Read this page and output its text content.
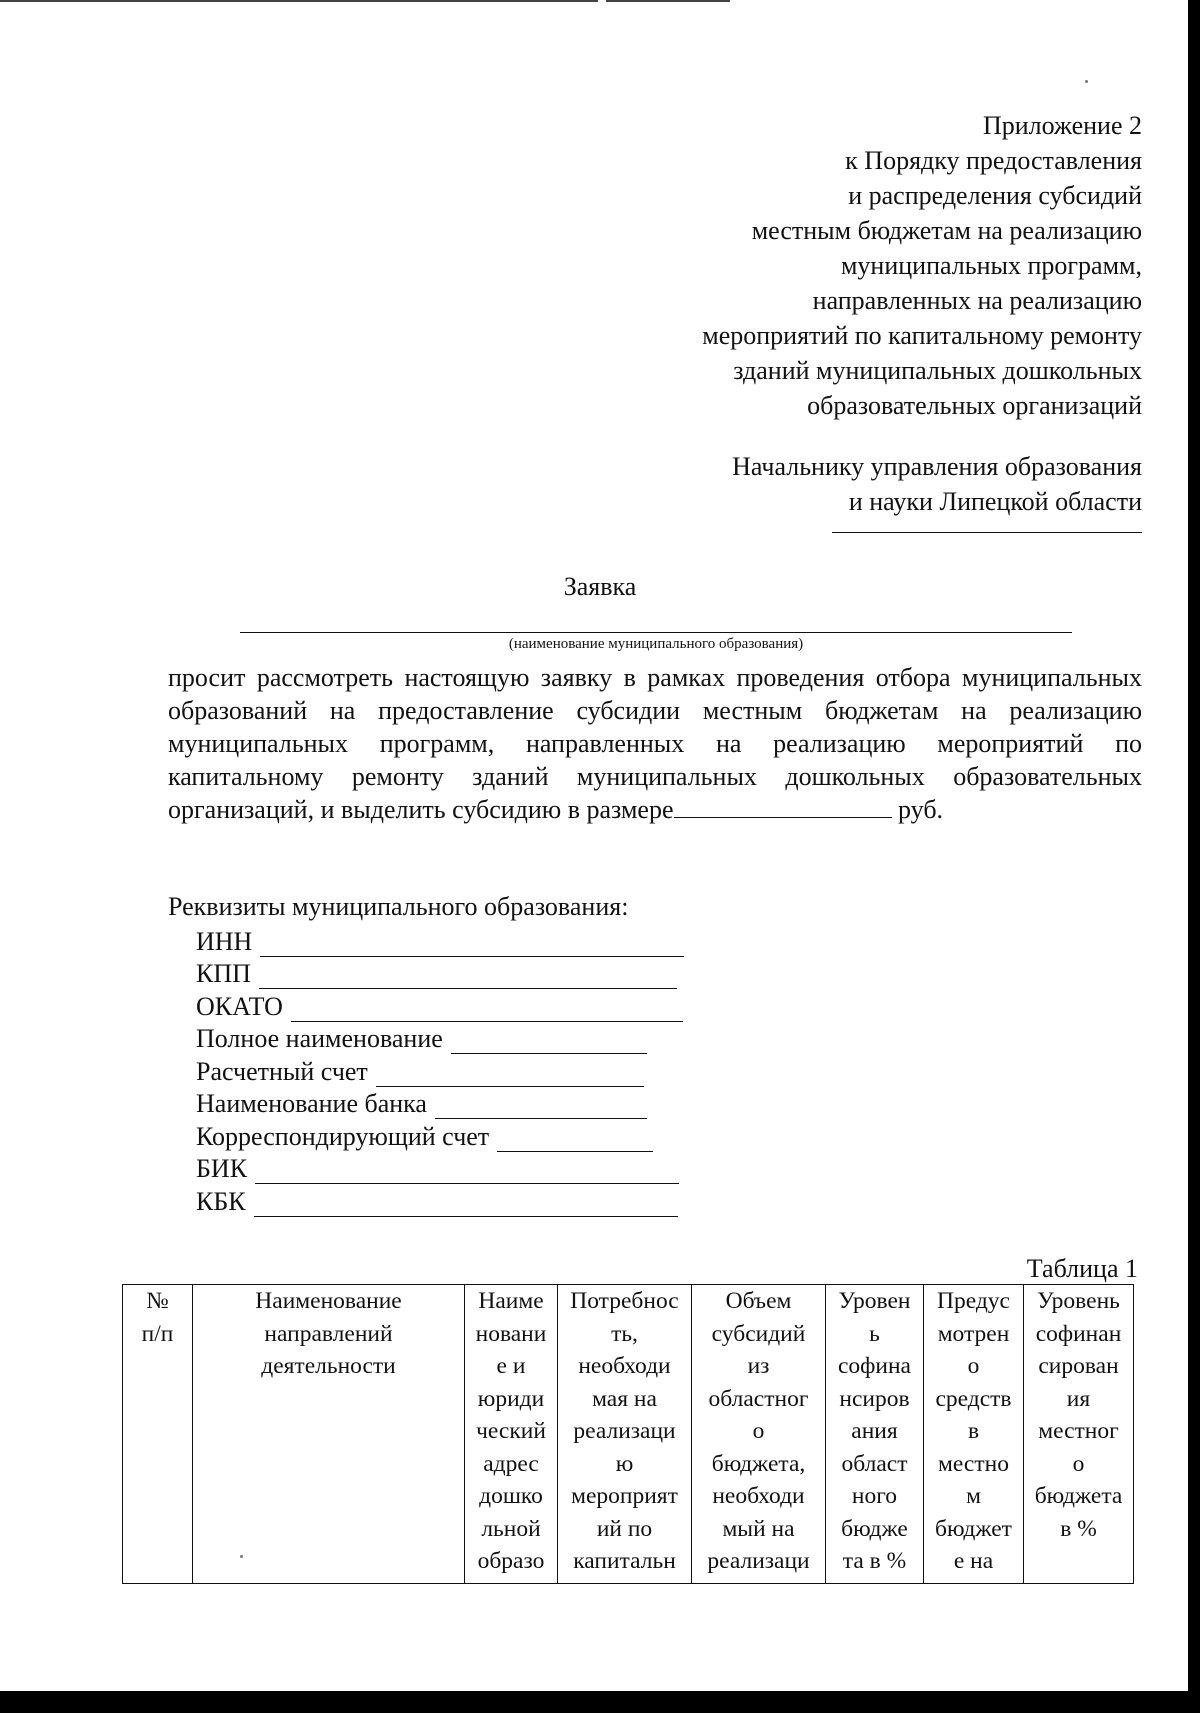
Приложение 2
к Порядку предоставления
и распределения субсидий
местным бюджетам на реализацию
муниципальных программ,
направленных на реализацию
мероприятий по капитальному ремонту
зданий муниципальных дошкольных
образовательных организаций
Начальнику управления образования
и науки Липецкой области
Заявка
(наименование муниципального образования)
просит рассмотреть настоящую заявку в рамках проведения отбора муниципальных образований на предоставление субсидии местным бюджетам на реализацию муниципальных программ, направленных на реализацию мероприятий по капитальному ремонту зданий муниципальных дошкольных образовательных организаций, и выделить субсидию в размере	руб.
Реквизиты муниципального образования:
ИНН
КПП
ОКАТО
Полное наименование
Расчетный счет
Наименование банка
Корреспондирующий счет
БИК
КБК
Таблица 1
№
п/п

Наименование
направлений
деятельности

Наиме
новани
е и
юриди
ческий
адрес
дошко
льной
образо

Потребнос
ть,
необходи
мая на
реализаци
ю
мероприят
ий по
капитальн

Объем
субсидий
из
областног
о
бюджета,
необходи
мый на
реализаци

Уровен
ь
софина
нсиров
ания
област
ного
бюдже
та в %

Предус
мотрен
о
средств
в
местно
м
бюджет
е на

Уровень
софинан
сирован
ия
местног
о
бюджета
в %
